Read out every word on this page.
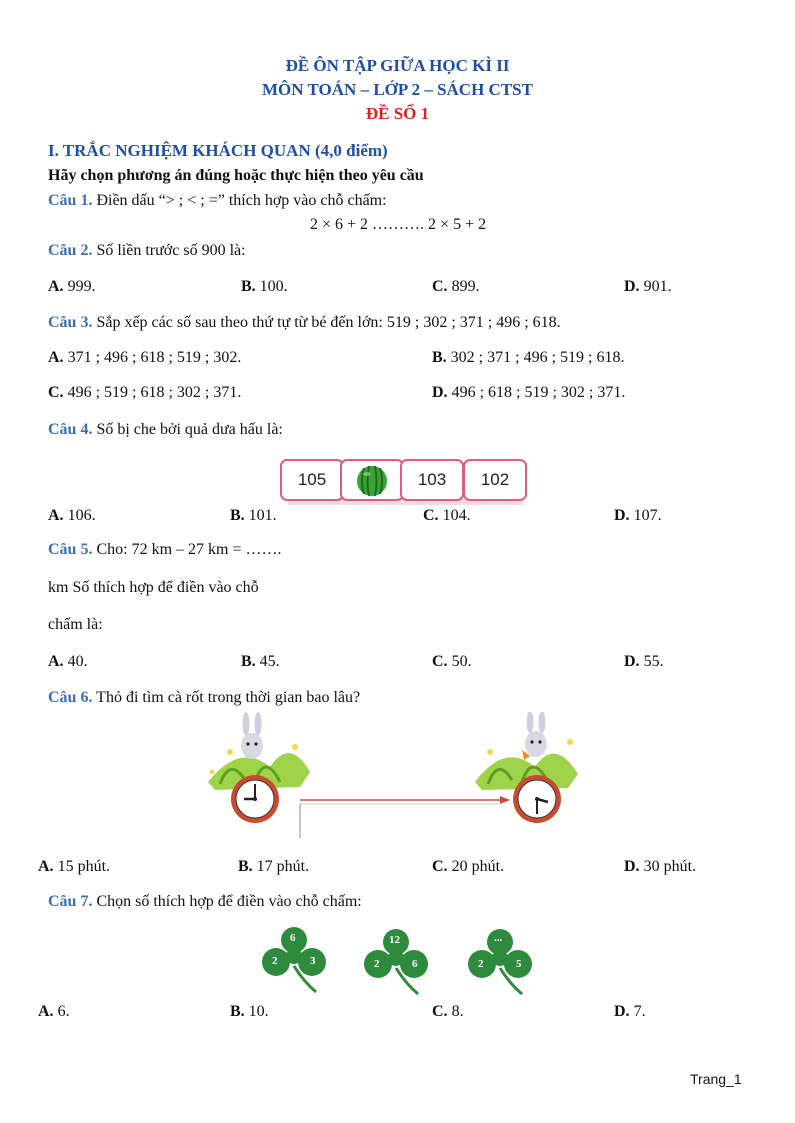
ĐỀ ÔN TẬP GIỮA HỌC KÌ II
MÔN TOÁN – LỚP 2 – SÁCH CTST
ĐỀ SỐ 1
I. TRẮC NGHIỆM KHÁCH QUAN (4,0 điểm)
Hãy chọn phương án đúng hoặc thực hiện theo yêu cầu
Câu 1. Điền dấu “> ; < ; =” thích hợp vào chỗ chấm:
2 × 6 + 2 ………. 2 × 5 + 2
Câu 2. Số liền trước số 900 là:
A. 999.	B. 100.	C. 899.	D. 901.
Câu 3. Sắp xếp các số sau theo thứ tự từ bé đến lớn: 519 ; 302 ; 371 ; 496 ; 618.
A. 371 ; 496 ; 618 ; 519 ; 302.	B. 302 ; 371 ; 496 ; 519 ; 618.
C. 496 ; 519 ; 618 ; 302 ; 371.	D. 496 ; 618 ; 519 ; 302 ; 371.
Câu 4. Số bị che bởi quả dưa hấu là:
105	103	102
A. 106.	B. 101.	C. 104.	D. 107.
Câu 5. Cho: 72 km – 27 km = …….
km Số thích hợp để điền vào chỗ
chấm là:
A. 40.	B. 45.	C. 50.	D. 55.
Câu 6. Thỏ đi tìm cà rốt trong thời gian bao lâu?
A. 15 phút.	B. 17 phút.	C. 20 phút.	D. 30 phút.
Câu 7. Chọn số thích hợp để điền vào chỗ chấm:
6
2	3
12
2	6
...
2	5
A. 6.	B. 10.	C. 8.	D. 7.
Trang_1
